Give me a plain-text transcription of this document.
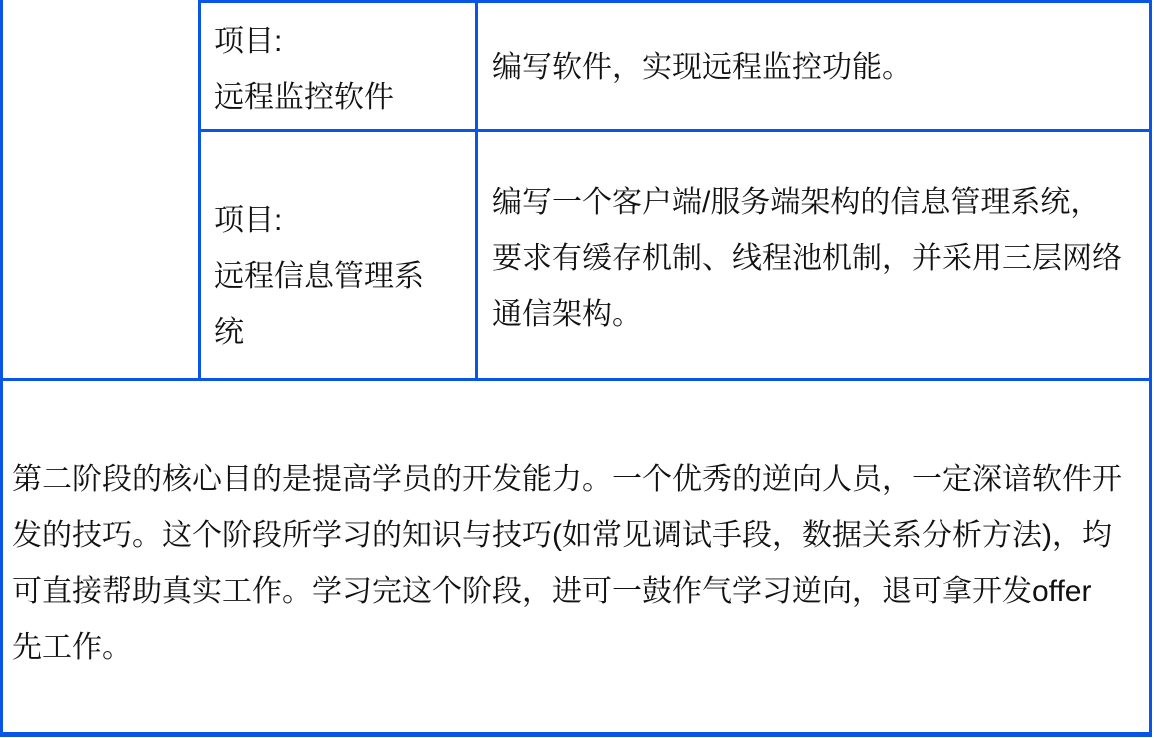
项目:
远程监控软件
编写软件，实现远程监控功能。
项目:
远程信息管理系统
编写一个客户端/服务端架构的信息管理系统，要求有缓存机制、线程池机制，并采用三层网络通信架构。
第二阶段的核心目的是提高学员的开发能力。一个优秀的逆向人员，一定深谙软件开
发的技巧。这个阶段所学习的知识与技巧(如常见调试手段，数据关系分析方法)，均
可直接帮助真实工作。学习完这个阶段，进可一鼓作气学习逆向，退可拿开发offer
先工作。
